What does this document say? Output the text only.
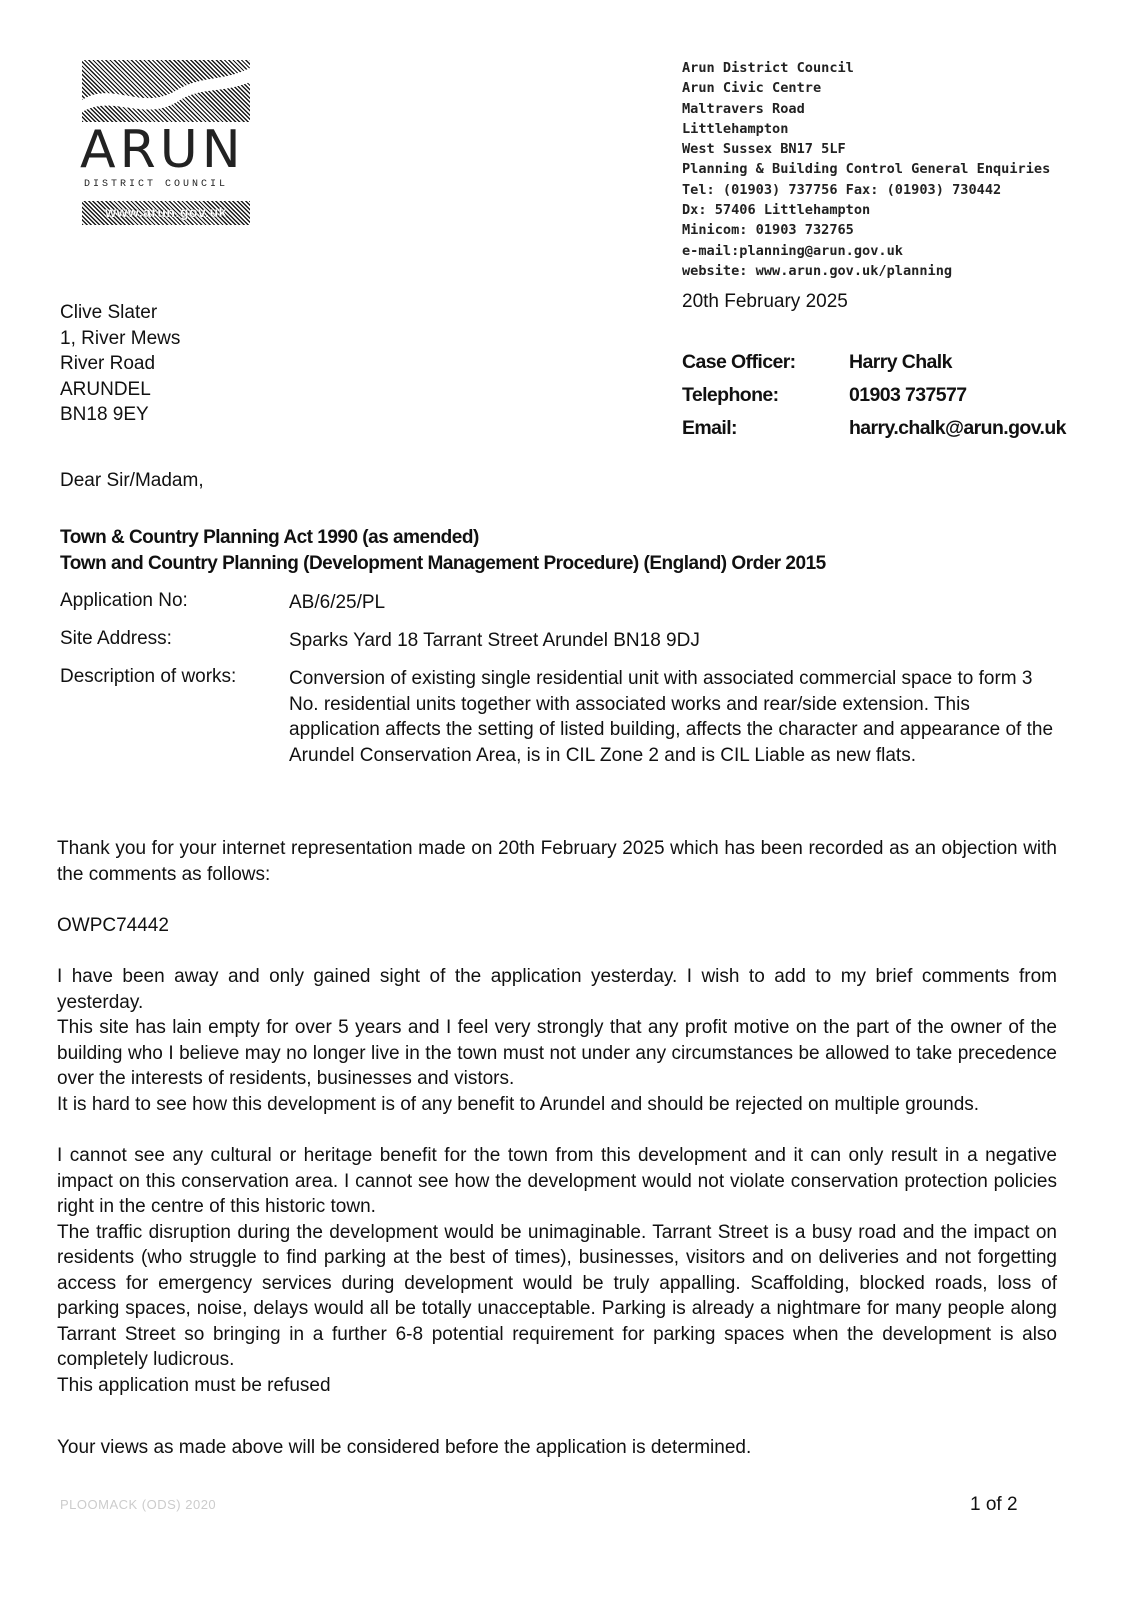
ARUN
DISTRICT COUNCIL
www.arun.gov.uk
Arun District Council
Arun Civic Centre
Maltravers Road
Littlehampton
West Sussex BN17 5LF
Planning & Building Control General Enquiries
Tel: (01903) 737756 Fax: (01903) 730442
Dx: 57406 Littlehampton
Minicom: 01903 732765
e-mail:planning@arun.gov.uk
website: www.arun.gov.uk/planning
20th February 2025
Clive Slater
1, River Mews
River Road
ARUNDEL
BN18 9EY
Case Officer:	Harry Chalk
Telephone:	01903 737577
Email:	harry.chalk@arun.gov.uk
Dear Sir/Madam,
Town & Country Planning Act 1990 (as amended)
Town and Country Planning (Development Management Procedure) (England) Order 2015
Application No:	AB/6/25/PL
Site Address:	Sparks Yard 18 Tarrant Street Arundel BN18 9DJ
Description of works:	Conversion of existing single residential unit with associated commercial space to form 3 No. residential units together with associated works and rear/side extension. This application affects the setting of listed building, affects the character and appearance of the Arundel Conservation Area, is in CIL Zone 2 and is CIL Liable as new flats.

Thank you for your internet representation made on 20th February 2025 which has been recorded as an objection with the comments as follows:

OWPC74442

I have been away and only gained sight of the application yesterday. I wish to add to my brief comments from yesterday.

This site has lain empty for over 5 years and I feel very strongly that any profit motive on the part of the owner of the building who I believe may no longer live in the town must not under any circumstances be allowed to take precedence over the interests of residents, businesses and vistors.

It is hard to see how this development is of any benefit to Arundel and should be rejected on multiple grounds.

I cannot see any cultural or heritage benefit for the town from this development and it can only result in a negative impact on this conservation area. I cannot see how the development would not violate conservation protection policies right in the centre of this historic town.

The traffic disruption during the development would be unimaginable. Tarrant Street is a busy road and the impact on residents (who struggle to find parking at the best of times), businesses, visitors and on deliveries and not forgetting access for emergency services during development would be truly appalling. Scaffolding, blocked roads, loss of parking spaces, noise, delays would all be totally unacceptable. Parking is already a nightmare for many people along Tarrant Street so bringing in a further 6-8 potential requirement for parking spaces when the development is also completely ludicrous.

This application must be refused

Your views as made above will be considered before the application is determined.

PLOOMACK (ODS) 2020	1 of 2
